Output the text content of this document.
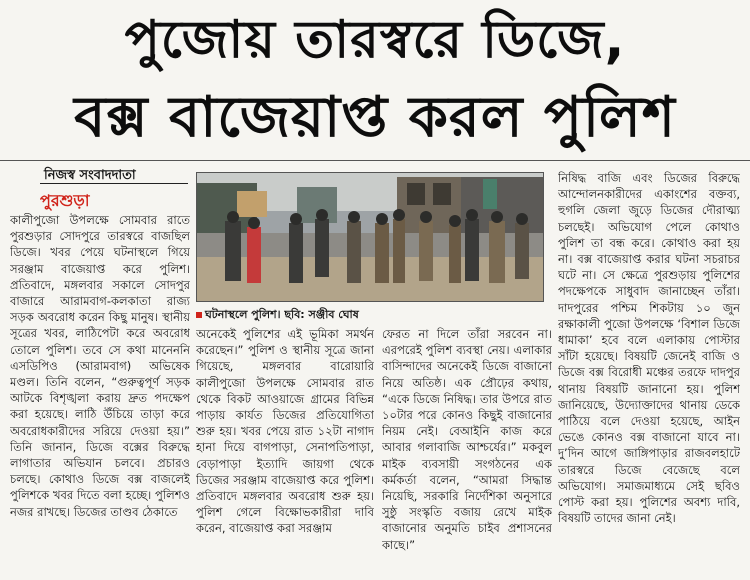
পুজোয় তারস্বরে ডিজে,
বক্স বাজেয়াপ্ত করল পুলিশ
নিজস্ব সংবাদদাতা
পুরশুড়া

কালীপুজো উপলক্ষে সোমবার রাতে পুরশুড়ার সোদপুরে তারস্বরে বাজছিল ডিজে। খবর পেয়ে ঘটনাস্থলে গিয়ে সরঞ্জাম বাজেয়াপ্ত করে পুলিশ। প্রতিবাদে, মঙ্গলবার সকালে সোদপুর বাজারে আরামবাগ-কলকাতা রাজ্য সড়ক অবরোধ করেন কিছু মানুষ। স্থানীয় সূত্রের খবর, লাঠিপেটা করে অবরোধ তোলে পুলিশ। তবে সে কথা মানেননি এসডিপিও (আরামবাগ) অভিষেক মণ্ডল। তিনি বলেন, “গুরুত্বপূর্ণ সড়ক আটকে বিশৃঙ্খলা করায় দ্রুত পদক্ষেপ করা হয়েছে। লাঠি উঁচিয়ে তাড়া করে অবরোধকারীদের সরিয়ে দেওয়া হয়।” তিনি জানান, ডিজে বক্সের বিরুদ্ধে লাগাতার অভিযান চলবে। প্রচারও চলছে। কোথাও ডিজে বক্স বাজলেই পুলিশকে খবর দিতে বলা হচ্ছে। পুলিশও নজর রাখছে। ডিজের তাণ্ডব ঠেকাতে

ঘটনাস্থলে পুলিশ। ছবি: সঞ্জীব ঘোষ

অনেকেই পুলিশের এই ভূমিকা সমর্থন করেছেন।” পুলিশ ও স্থানীয় সূত্রে জানা গিয়েছে, মঙ্গলবার বারোয়ারি কালীপুজো উপলক্ষে সোমবার রাত থেকে বিকট আওয়াজে গ্রামের বিভিন্ন পাড়ায় কার্যত ডিজের প্রতিযোগিতা শুরু হয়। খবর পেয়ে রাত ১২টা নাগাদ হানা দিয়ে বাগপাড়া, সেনাপতিপাড়া, বেড়াপাড়া ইত্যাদি জায়গা থেকে ডিজের সরঞ্জাম বাজেয়াপ্ত করে পুলিশ। প্রতিবাদে মঙ্গলবার অবরোধ শুরু হয়। পুলিশ গেলে বিক্ষোভকারীরা দাবি করেন, বাজেয়াপ্ত করা সরঞ্জাম

ফেরত না দিলে তাঁরা সরবেন না। এরপরেই পুলিশ ব্যবস্থা নেয়। এলাকার বাসিন্দাদের অনেকেই ডিজে বাজানো নিয়ে অতিষ্ঠ। এক প্রৌঢ়ের কথায়, “একে ডিজে নিষিদ্ধ। তার উপরে রাত ১০টার পরে কোনও কিছুই বাজানোর নিয়ম নেই। বেআইনি কাজ করে আবার গলাবাজি আশ্চর্যের।” মকবুল মাইক ব্যবসায়ী সংগঠনের এক কর্মকর্তা বলেন, “আমরা সিদ্ধান্ত নিয়েছি, সরকারি নির্দেশিকা অনুসারে সুষ্ঠু সংস্কৃতি বজায় রেখে মাইক বাজানোর অনুমতি চাইব প্রশাসনের কাছে।”

নিষিদ্ধ বাজি এবং ডিজের বিরুদ্ধে আন্দোলনকারীদের একাংশের বক্তব্য, হুগলি জেলা জুড়ে ডিজের দৌরাত্ম্য চলছেই। অভিযোগ পেলে কোথাও পুলিশ তা বন্ধ করে। কোথাও করা হয় না। বক্স বাজেয়াপ্ত করার ঘটনা সচরাচর ঘটে না। সে ক্ষেত্রে পুরশুড়ায় পুলিশের পদক্ষেপকে সাধুবাদ জানাচ্ছেন তাঁরা। দাদপুরের পশ্চিম শিকটায় ১০ জুন রক্ষাকালী পুজো উপলক্ষে ‘বিশাল ডিজে ধামাকা’ হবে বলে এলাকায় পোস্টার সাঁটা হয়েছে। বিষয়টি জেনেই বাজি ও ডিজে বক্স বিরোধী মঞ্চের তরফে দাদপুর থানায় বিষয়টি জানানো হয়। পুলিশ জানিয়েছে, উদ্যোক্তাদের থানায় ডেকে পাঠিয়ে বলে দেওয়া হয়েছে, আইন ভেঙে কোনও বক্স বাজানো যাবে না। দু’দিন আগে জাঙ্গিপাড়ার রাজবলহাটে তারস্বরে ডিজে বেজেছে বলে অভিযোগ। সমাজমাধ্যমে সেই ছবিও পোস্ট করা হয়। পুলিশের অবশ্য দাবি, বিষয়টি তাদের জানা নেই।
